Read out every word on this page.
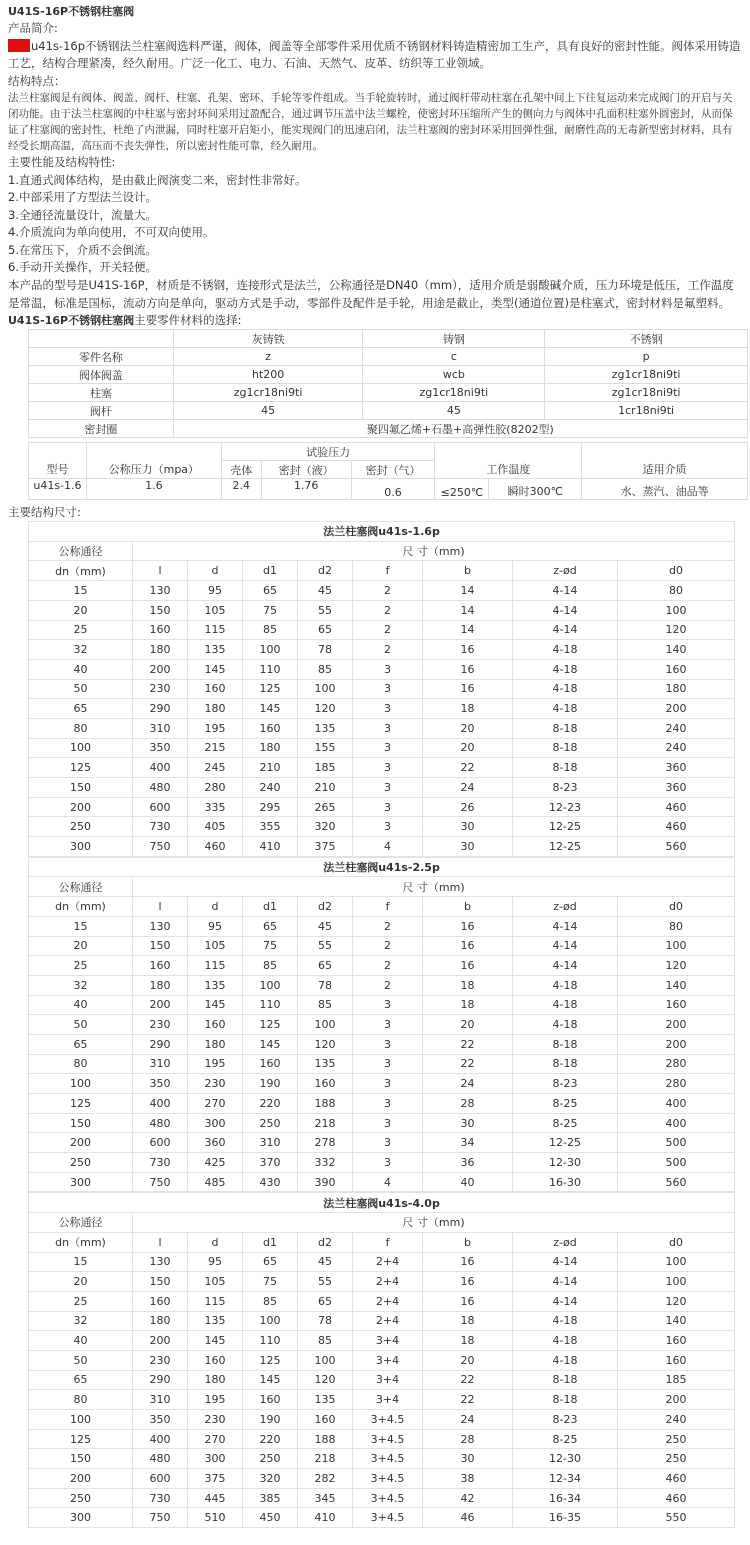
U41S-16P不锈钢柱塞阀
产品简介:
u41s-16p不锈钢法兰柱塞阀选料严谨，阀体，阀盖等全部零件采用优质不锈钢材料铸造精密加工生产，具有良好的密封性能。阀体采用铸造工艺，结构合理紧凑，经久耐用。广泛一化工、电力、石油、天然气、皮革、纺织等工业领域。
结构特点：
法兰柱塞阀是有阀体、阀盖、阀杆、柱塞、孔架、密环、手轮等零件组成。当手轮旋转时，通过阀杆带动柱塞在孔架中间上下往复运动来完成阀门的开启与关闭功能。由于法兰柱塞阀的中柱塞与密封环间采用过盈配合，通过调节压盖中法兰螺栓，使密封环压缩所产生的侧向力与阀体中孔面积柱塞外圆密封，从而保证了柱塞阀的密封性，杜绝了内泄漏，同时柱塞开启矩小，能实现阀门的迅速启闭，法兰柱塞阀的密封环采用回弹性强，耐磨性高的无毒新型密封材料，具有经受长期高温，高压而不丧失弹性，所以密封性能可靠，经久耐用。
主要性能及结构特性:
1.直通式阀体结构，是由截止阀演变二来，密封性非常好。
2.中部采用了方型法兰设计。
3.全通径流量设计，流量大。
4.介质流向为单向使用，不可双向使用。
5.在常压下，介质不会倒流。
6.手动开关操作，开关轻便。
本产品的型号是U41S-16P，材质是不锈钢，连接形式是法兰，公称通径是DN40（mm），适用介质是弱酸碱介质，压力环境是低压，工作温度是常温，标准是国标，流动方向是单向，驱动方式是手动，零部件及配件是手轮，用途是截止，类型(通道位置)是柱塞式，密封材料是氟塑料。
U41S-16P不锈钢柱塞阀主要零件材料的选择:
	灰铸铁	铸钢	不锈钢
零件名称	z	c	p
阀体阀盖	ht200	wcb	zg1cr18ni9ti
柱塞	zg1cr18ni9ti	zg1cr18ni9ti	zg1cr18ni9ti
阀杆	45	45	1cr18ni9ti
密封圈	聚四氟乙烯+石墨+高弹性胶(8202型)		
		试验压力					
型号	公称压力（mpa）	壳体	密封（液）	密封（气）	工作温度		适用介质
u41s-1.6	1.6	2.4	1.76	0.6	≤250℃	瞬时300℃	水、蒸汽、油品等

主要结构尺寸:
法兰柱塞阀u41s-1.6p								
公称通径	尺 寸（mm)							
dn（mm)	l	d	d1	d2	f	b	z-ød	d0
15	130	95	65	45	2	14	4-14	80
20	150	105	75	55	2	14	4-14	100
25	160	115	85	65	2	14	4-14	120
32	180	135	100	78	2	16	4-18	140
40	200	145	110	85	3	16	4-18	160
50	230	160	125	100	3	16	4-18	180
65	290	180	145	120	3	18	4-18	200
80	310	195	160	135	3	20	8-18	240
100	350	215	180	155	3	20	8-18	240
125	400	245	210	185	3	22	8-18	360
150	480	280	240	210	3	24	8-23	360
200	600	335	295	265	3	26	12-23	460
250	730	405	355	320	3	30	12-25	460
300	750	460	410	375	4	30	12-25	560
法兰柱塞阀u41s-2.5p								
公称通径	尺 寸（mm)							
dn（mm)	l	d	d1	d2	f	b	z-ød	d0
15	130	95	65	45	2	16	4-14	80
20	150	105	75	55	2	16	4-14	100
25	160	115	85	65	2	16	4-14	120
32	180	135	100	78	2	18	4-18	140
40	200	145	110	85	3	18	4-18	160
50	230	160	125	100	3	20	4-18	200
65	290	180	145	120	3	22	8-18	200
80	310	195	160	135	3	22	8-18	280
100	350	230	190	160	3	24	8-23	280
125	400	270	220	188	3	28	8-25	400
150	480	300	250	218	3	30	8-25	400
200	600	360	310	278	3	34	12-25	500
250	730	425	370	332	3	36	12-30	500
300	750	485	430	390	4	40	16-30	560
法兰柱塞阀u41s-4.0p								
公称通径	尺 寸（mm)							
dn（mm)	l	d	d1	d2	f	b	z-ød	d0
15	130	95	65	45	2+4	16	4-14	100
20	150	105	75	55	2+4	16	4-14	100
25	160	115	85	65	2+4	16	4-14	120
32	180	135	100	78	2+4	18	4-18	140
40	200	145	110	85	3+4	18	4-18	160
50	230	160	125	100	3+4	20	4-18	160
65	290	180	145	120	3+4	22	8-18	185
80	310	195	160	135	3+4	22	8-18	200
100	350	230	190	160	3+4.5	24	8-23	240
125	400	270	220	188	3+4.5	28	8-25	250
150	480	300	250	218	3+4.5	30	12-30	250
200	600	375	320	282	3+4.5	38	12-34	460
250	730	445	385	345	3+4.5	42	16-34	460
300	750	510	450	410	3+4.5	46	16-35	550
